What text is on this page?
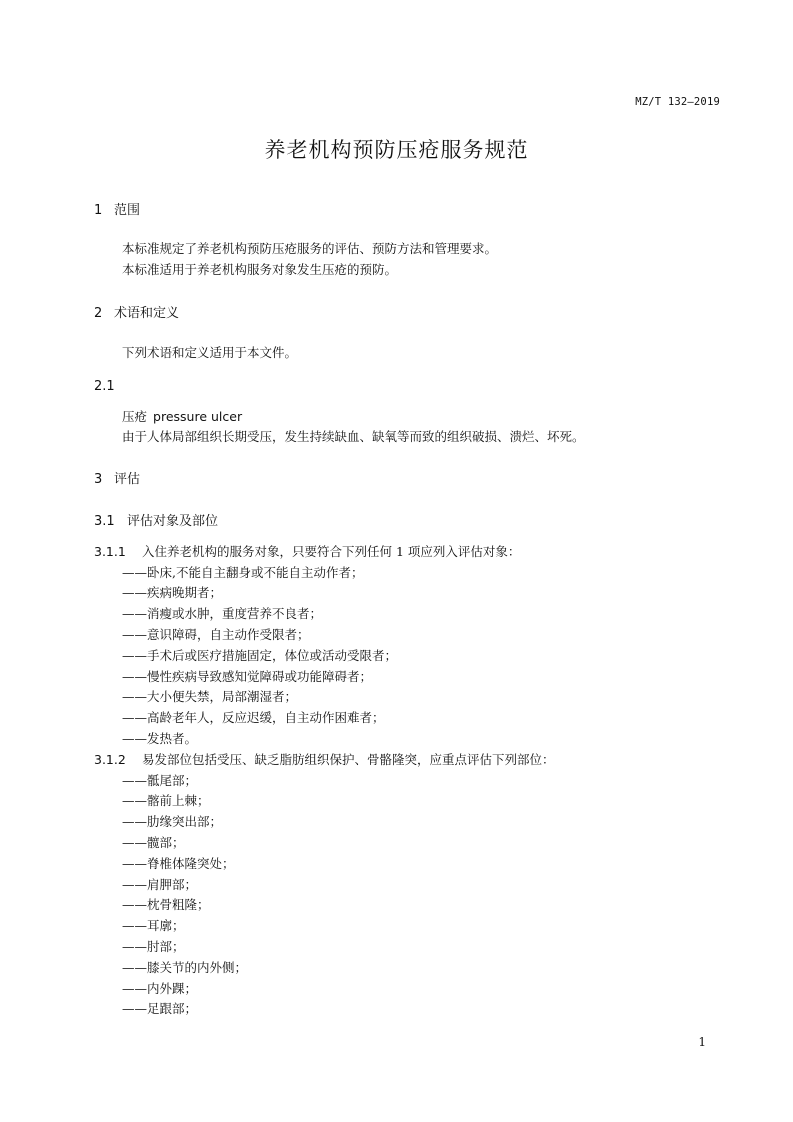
MZ/T 132—2019
养老机构预防压疮服务规范
1 范围
本标准规定了养老机构预防压疮服务的评估、预防方法和管理要求。
本标准适用于养老机构服务对象发生压疮的预防。
2 术语和定义
下列术语和定义适用于本文件。
2.1
压疮 pressure ulcer
由于人体局部组织长期受压，发生持续缺血、缺氧等而致的组织破损、溃烂、坏死。
3 评估
3.1 评估对象及部位
3.1.1 入住养老机构的服务对象，只要符合下列任何 1 项应列入评估对象：
——卧床,不能自主翻身或不能自主动作者；
——疾病晚期者；
——消瘦或水肿，重度营养不良者；
——意识障碍，自主动作受限者；
——手术后或医疗措施固定，体位或活动受限者；
——慢性疾病导致感知觉障碍或功能障碍者；
——大小便失禁，局部潮湿者；
——高龄老年人，反应迟缓，自主动作困难者；
——发热者。
3.1.2 易发部位包括受压、缺乏脂肪组织保护、骨骼隆突，应重点评估下列部位：
——骶尾部；
——髂前上棘；
——肋缘突出部；
——髋部；
——脊椎体隆突处；
——肩胛部；
——枕骨粗隆；
——耳廓；
——肘部；
——膝关节的内外侧；
——内外踝；
——足跟部；
1
